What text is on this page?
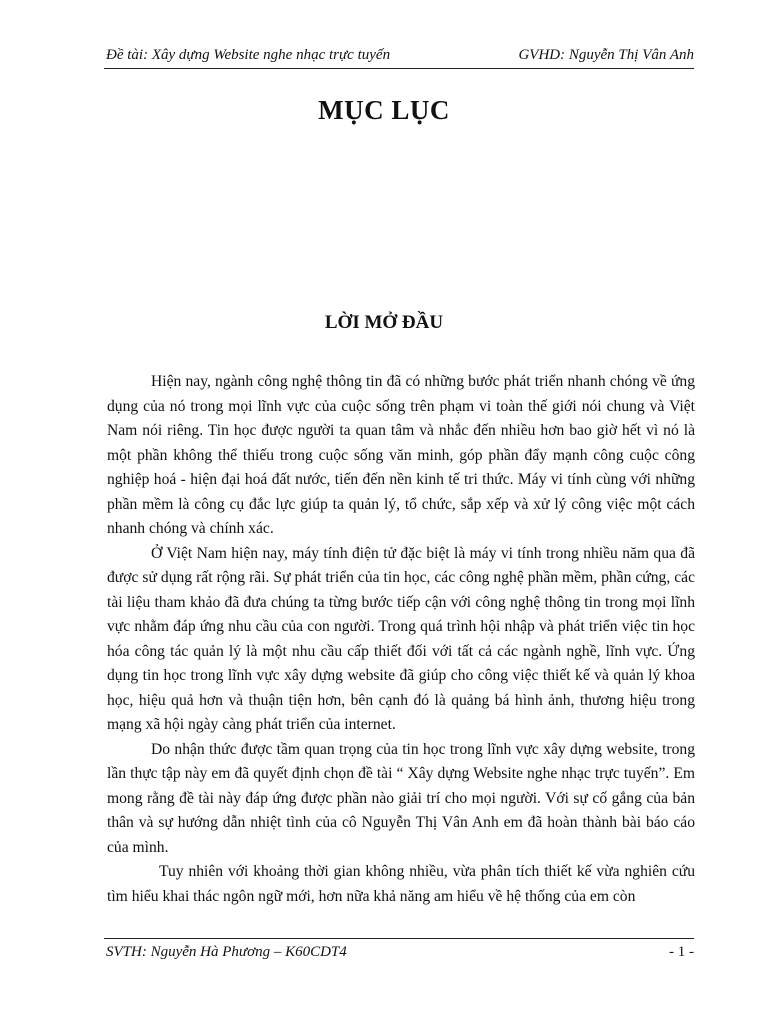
Đề tài: Xây dựng Website nghe nhạc trực tuyến	GVHD: Nguyễn Thị Vân Anh
MỤC LỤC
LỜI MỞ ĐẦU

Hiện nay, ngành công nghệ thông tin đã có những bước phát triển nhanh chóng về ứng dụng của nó trong mọi lĩnh vực của cuộc sống trên phạm vi toàn thế giới nói chung và Việt Nam nói riêng. Tin học được người ta quan tâm và nhắc đến nhiều hơn bao giờ hết vì nó là một phần không thể thiếu trong cuộc sống văn minh, góp phần đẩy mạnh công cuộc công nghiệp hoá - hiện đại hoá đất nước, tiến đến nền kinh tế tri thức. Máy vi tính cùng với những phần mềm là công cụ đắc lực giúp ta quản lý, tổ chức, sắp xếp và xử lý công việc một cách nhanh chóng và chính xác.

Ở Việt Nam hiện nay, máy tính điện tử đặc biệt là máy vi tính trong nhiều năm qua đã được sử dụng rất rộng rãi. Sự phát triển của tin học, các công nghệ phần mềm, phần cứng, các tài liệu tham khảo đã đưa chúng ta từng bước tiếp cận với công nghệ thông tin trong mọi lĩnh vực nhằm đáp ứng nhu cầu của con người. Trong quá trình hội nhập và phát triển việc tin học hóa công tác quản lý là một nhu cầu cấp thiết đối với tất cả các ngành nghề, lĩnh vực. Ứng dụng tin học trong lĩnh vực xây dựng website đã giúp cho công việc thiết kế và quản lý khoa học, hiệu quả hơn và thuận tiện hơn, bên cạnh đó là quảng bá hình ảnh, thương hiệu trong mạng xã hội ngày càng phát triển của internet.

Do nhận thức được tầm quan trọng của tin học trong lĩnh vực xây dựng website, trong lần thực tập này em đã quyết định chọn đề tài “ Xây dựng Website nghe nhạc trực tuyến”. Em mong rằng đề tài này đáp ứng được phần nào giải trí cho mọi người. Với sự cố gắng của bản thân và sự hướng dẫn nhiệt tình của cô Nguyễn Thị Vân Anh em đã hoàn thành bài báo cáo của mình.

Tuy nhiên với khoảng thời gian không nhiều, vừa phân tích thiết kế vừa nghiên cứu tìm hiểu khai thác ngôn ngữ mới, hơn nữa khả năng am hiểu về hệ thống của em còn

SVTH: Nguyễn Hà Phương – K60CDT4	- 1 -
